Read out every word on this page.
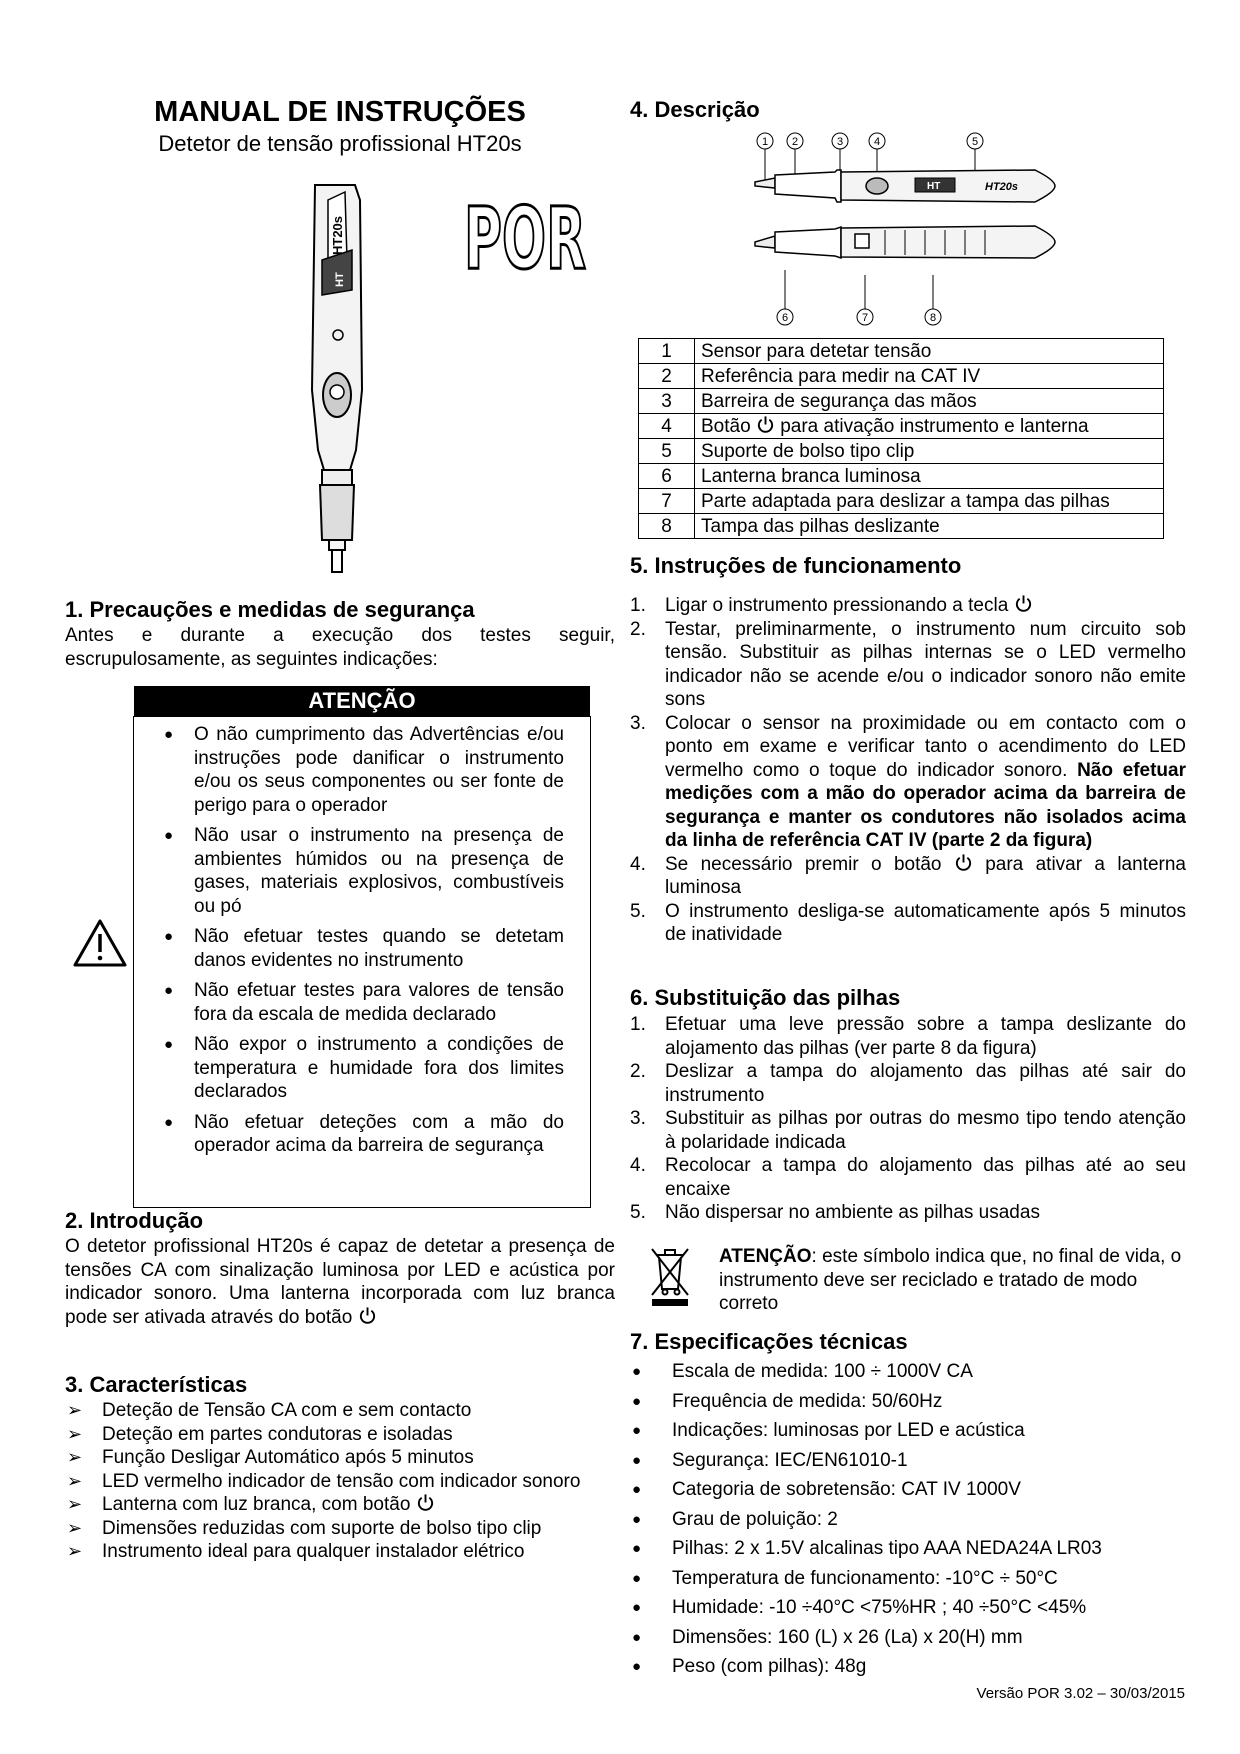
MANUAL DE INSTRUÇÕES
Detetor de tensão profissional HT20s
HT20s
HT POR
1. Precauções e medidas de segurança

Antes e durante a execução dos testes seguir, escrupulosamente, as seguintes indicações:

ATENÇÃO
● O não cumprimento das Advertências e/ou instruções pode danificar o instrumento e/ou os seus componentes ou ser fonte de perigo para o operador
● Não usar o instrumento na presença de ambientes húmidos ou na presença de gases, materiais explosivos, combustíveis ou pó
● Não efetuar testes quando se detetam danos evidentes no instrumento
● Não efetuar testes para valores de tensão fora da escala de medida declarado
● Não expor o instrumento a condições de temperatura e humidade fora dos limites declarados
● Não efetuar deteções com a mão do operador acima da barreira de segurança
2. Introdução

O detetor profissional HT20s é capaz de detetar a presença de tensões CA com sinalização luminosa por LED e acústica por indicador sonoro. Uma lanterna incorporada com luz branca pode ser ativada através do botão

3. Características
➢ Deteção de Tensão CA com e sem contacto
➢ Deteção em partes condutoras e isoladas
➢ Função Desligar Automático após 5 minutos
➢ LED vermelho indicador de tensão com indicador sonoro
➢ Lanterna com luz branca, com botão
➢ Dimensões reduzidas com suporte de bolso tipo clip
➢ Instrumento ideal para qualquer instalador elétrico
4. Descrição
1 2	3	4	5
6	7	8
HT	HT20s
1	Sensor para detetar tensão
2	Referência para medir na CAT IV
3	Barreira de segurança das mãos
4	Botão para ativação instrumento e lanterna
5	Suporte de bolso tipo clip
6	Lanterna branca luminosa
7	Parte adaptada para deslizar a tampa das pilhas
8	Tampa das pilhas deslizante
5. Instruções de funcionamento
1. Ligar o instrumento pressionando a tecla
2. Testar, preliminarmente, o instrumento num circuito sob tensão. Substituir as pilhas internas se o LED vermelho indicador não se acende e/ou o indicador sonoro não emite sons
3. Colocar o sensor na proximidade ou em contacto com o ponto em exame e verificar tanto o acendimento do LED vermelho como o toque do indicador sonoro. Não efetuar medições com a mão do operador acima da barreira de segurança e manter os condutores não isolados acima da linha de referência CAT IV (parte 2 da figura)
4. Se necessário premir o botão para ativar a lanterna luminosa
5. O instrumento desliga-se automaticamente após 5 minutos de inatividade
6. Substituição das pilhas
1. Efetuar uma leve pressão sobre a tampa deslizante do alojamento das pilhas (ver parte 8 da figura)
2. Deslizar a tampa do alojamento das pilhas até sair do instrumento
3. Substituir as pilhas por outras do mesmo tipo tendo atenção à polaridade indicada
4. Recolocar a tampa do alojamento das pilhas até ao seu encaixe
5. Não dispersar no ambiente as pilhas usadas

ATENÇÃO: este símbolo indica que, no final de vida, o instrumento deve ser reciclado e tratado de modo correto

7. Especificações técnicas
● Escala de medida: 100 ÷ 1000V CA
● Frequência de medida: 50/60Hz
● Indicações: luminosas por LED e acústica
● Segurança: IEC/EN61010-1
● Categoria de sobretensão: CAT IV 1000V
● Grau de poluição: 2
● Pilhas: 2 x 1.5V alcalinas tipo AAA NEDA24A LR03
● Temperatura de funcionamento: -10°C ÷ 50°C
● Humidade: -10 ÷40°C <75%HR ; 40 ÷50°C <45%
● Dimensões: 160 (L) x 26 (La) x 20(H) mm
● Peso (com pilhas): 48g
Versão POR 3.02 – 30/03/2015
